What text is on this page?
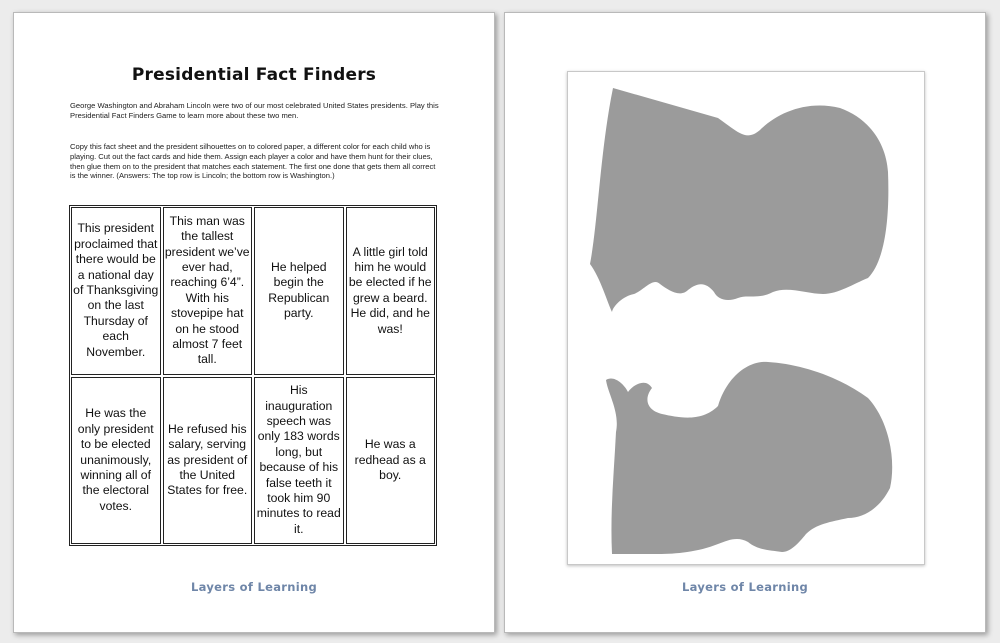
Presidential Fact Finders

George Washington and Abraham Lincoln were two of our most celebrated United States presidents. Play this Presidential Fact Finders Game to learn more about these two men.

Copy this fact sheet and the president silhouettes on to colored paper, a different color for each child who is playing. Cut out the fact cards and hide them. Assign each player a color and have them hunt for their clues, then glue them on to the president that matches each statement. The first one done that gets them all correct is the winner. (Answers: The top row is Lincoln; the bottom row is Washington.)

This president proclaimed that there would be a national day of Thanksgiving on the last Thursday of each November.
This man was the tallest president we’ve ever had, reaching 6’4”. With his stovepipe hat on he stood almost 7 feet tall.
He helped begin the Republican party.
A little girl told him he would be elected if he grew a beard. He did, and he was!
He was the only president to be elected unanimously, winning all of the electoral votes.
He refused his salary, serving as president of the United States for free.
His inauguration speech was only 183 words long, but because of his false teeth it took him 90 minutes to read it.
He was a redhead as a boy.
Layers of Learning	Layers of Learning
